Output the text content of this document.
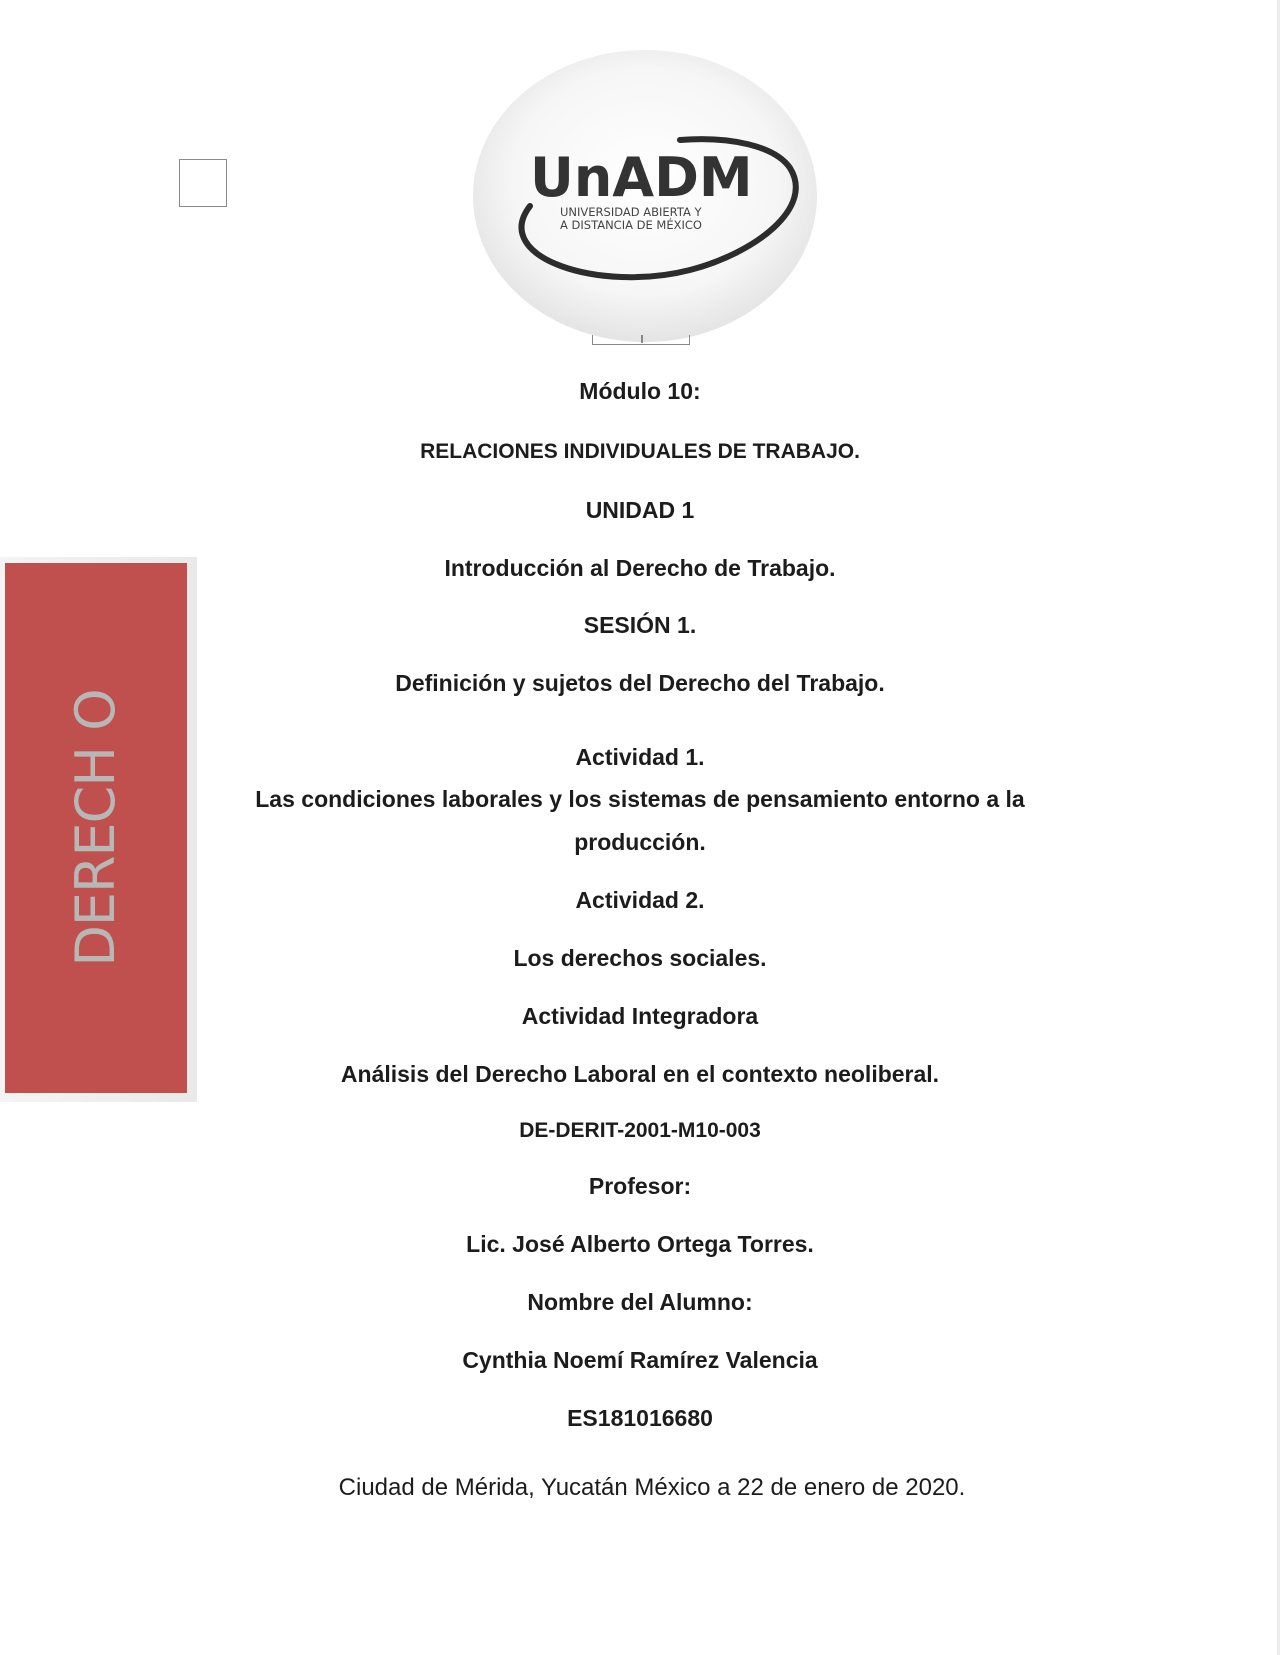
UnADM
UNIVERSIDAD ABIERTA Y
A DISTANCIA DE MÉXICO
DERECH O
Módulo 10:
RELACIONES INDIVIDUALES DE TRABAJO.
UNIDAD 1
Introducción al Derecho de Trabajo.
SESIÓN 1.
Definición y sujetos del Derecho del Trabajo.
Actividad 1.
Las condiciones laborales y los sistemas de pensamiento entorno a la
producción.
Actividad 2.
Los derechos sociales.
Actividad Integradora
Análisis del Derecho Laboral en el contexto neoliberal.
DE-DERIT-2001-M10-003
Profesor:
Lic. José Alberto Ortega Torres.
Nombre del Alumno:
Cynthia Noemí Ramírez Valencia
ES181016680
Ciudad de Mérida, Yucatán México a 22 de enero de 2020.
